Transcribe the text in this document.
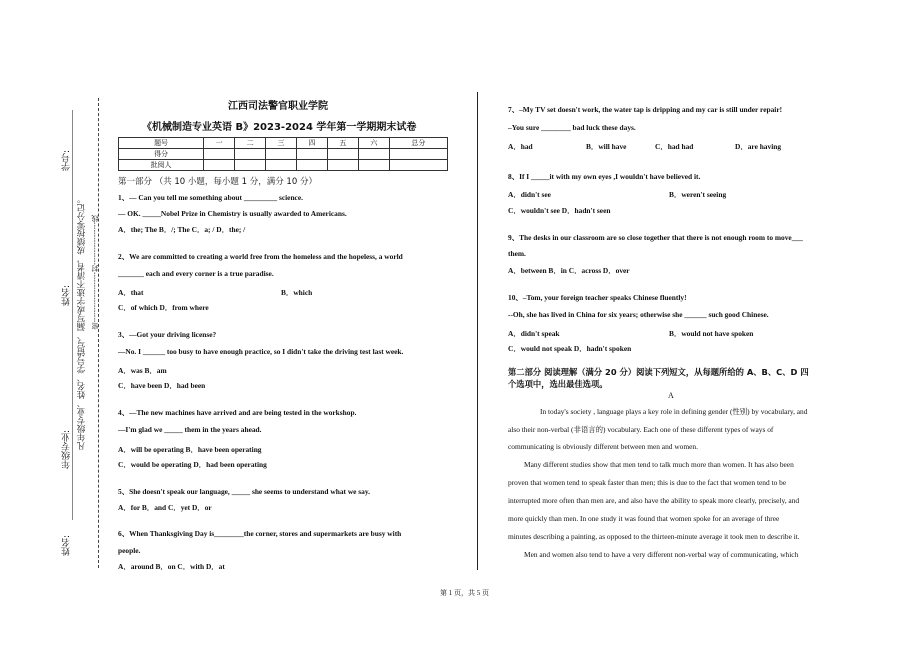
学号:
姓名:
年级专业:
姓名:
凡年级专业、姓名、学号错写、漏写或字迹不清者，成绩按零分记。 密--------------------封-----------------线
江西司法警官职业学院
《机械制造专业英语 B》2023-2024 学年第一学期期末试卷
题号	一	二	三	四	五	六	总分
得分							
批阅人							
第一部分 （共 10 小题，每小题 1 分，满分 10 分）
1、— Can you tell me something about _________ science.
— OK. _____Nobel Prize in Chemistry is usually awarded to Americans.
A．the; The B．/; The C．a; / D．the; /
2、We are committed to creating a world free from the homeless and the hopeless, a world
_______ each and every corner is a true paradise.
A．that	B．which
C．of which D．from where
3、—Got your driving license?
—No. I ______ too busy to have enough practice, so I didn't take the driving test last week.
A．was B．am
C．have been D．had been
4、—The new machines have arrived and are being tested in the workshop.
—I'm glad we _____ them in the years ahead.
A．will be operating B．have been operating
C．would be operating D．had been operating
5、She doesn't speak our language, _____ she seems to understand what we say.
A．for B．and C．yet D．or
6、When Thanksgiving Day is________the corner, stores and supermarkets are busy with
people.
A．around B．on C．with D．at
7、–My TV set doesn't work, the water tap is dripping and my car is still under repair!
–You sure ________ bad luck these days.
A．had	B．will have	C．had had	D．are having
8、If I _____it with my own eyes ,I wouldn't have believed it.
A．didn't see	B．weren't seeing
C．wouldn't see D．hadn't seen
9、The desks in our classroom are so close together that there is not enough room to move___
them.
A．between B．in C．across D．over
10、–Tom, your foreign teacher speaks Chinese fluently!
--Oh, she has lived in China for six years; otherwise she ______ such good Chinese.
A．didn't speak	B．would not have spoken
C．would not speak D．hadn't spoken
第二部分 阅读理解（满分 20 分）阅读下列短文，从每题所给的 A、B、C、D 四
个选项中，选出最佳选项。
A
In today's society , language plays a key role in defining gender (性别) by vocabulary, and
also their non-verbal (非语言的) vocabulary. Each one of these different types of ways of
communicating is obviously different between men and women.
Many different studies show that men tend to talk much more than women. It has also been
proven that women tend to speak faster than men; this is due to the fact that women tend to be
interrupted more often than men are, and also have the ability to speak more clearly, precisely, and
more quickly than men. In one study it was found that women spoke for an average of three
minutes describing a painting, as opposed to the thirteen-minute average it took men to describe it.
Men and women also tend to have a very different non-verbal way of communicating, which
第 1 页，共 5 页
